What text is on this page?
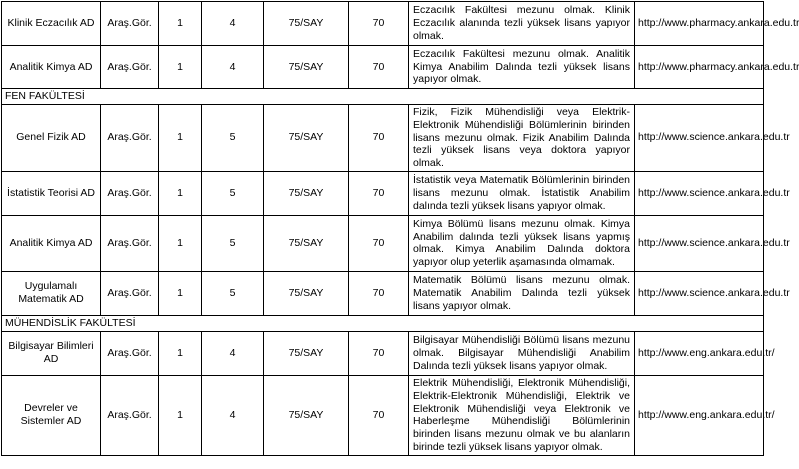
Klinik Eczacılık AD	Araş.Gör.	1	4	75/SAY	70	Eczacılık Fakültesi mezunu olmak. Klinik Eczacılık alanında tezli yüksek lisans yapıyor olmak.	http://www.pharmacy.ankara.edu.tr
Analitik Kimya AD	Araş.Gör.	1	4	75/SAY	70	Eczacılık Fakültesi mezunu olmak. Analitik Kimya Anabilim Dalında tezli yüksek lisans yapıyor olmak.	http://www.pharmacy.ankara.edu.tr
FEN FAKÜLTESİ							
Genel Fizik AD	Araş.Gör.	1	5	75/SAY	70	Fizik, Fizik Mühendisliği veya Elektrik-Elektronik Mühendisliği Bölümlerinin birinden lisans mezunu olmak. Fizik Anabilim Dalında tezli yüksek lisans veya doktora yapıyor olmak.	http://www.science.ankara.edu.tr
İstatistik Teorisi AD	Araş.Gör.	1	5	75/SAY	70	İstatistik veya Matematik Bölümlerinin birinden lisans mezunu olmak. İstatistik Anabilim dalında tezli yüksek lisans yapıyor olmak.	http://www.science.ankara.edu.tr
Analitik Kimya AD	Araş.Gör.	1	5	75/SAY	70	Kimya Bölümü lisans mezunu olmak. Kimya Anabilim dalında tezli yüksek lisans yapmış olmak. Kimya Anabilim Dalında doktora yapıyor olup yeterlik aşamasında olmamak.	http://www.science.ankara.edu.tr
Uygulamalı Matematik AD	Araş.Gör.	1	5	75/SAY	70	Matematik Bölümü lisans mezunu olmak. Matematik Anabilim Dalında tezli yüksek lisans yapıyor olmak.	http://www.science.ankara.edu.tr
MÜHENDİSLİK FAKÜLTESİ							
Bilgisayar Bilimleri AD	Araş.Gör.	1	4	75/SAY	70	Bilgisayar Mühendisliği Bölümü lisans mezunu olmak. Bilgisayar Mühendisliği Anabilim Dalında tezli yüksek lisans yapıyor olmak.	http://www.eng.ankara.edu.tr/
Devreler ve Sistemler AD	Araş.Gör.	1	4	75/SAY	70	Elektrik Mühendisliği, Elektronik Mühendisliği, Elektrik-Elektronik Mühendisliği, Elektrik ve Elektronik Mühendisliği veya Elektronik ve Haberleşme Mühendisliği Bölümlerinin birinden lisans mezunu olmak ve bu alanların birinde tezli yüksek lisans yapıyor olmak.	http://www.eng.ankara.edu.tr/
